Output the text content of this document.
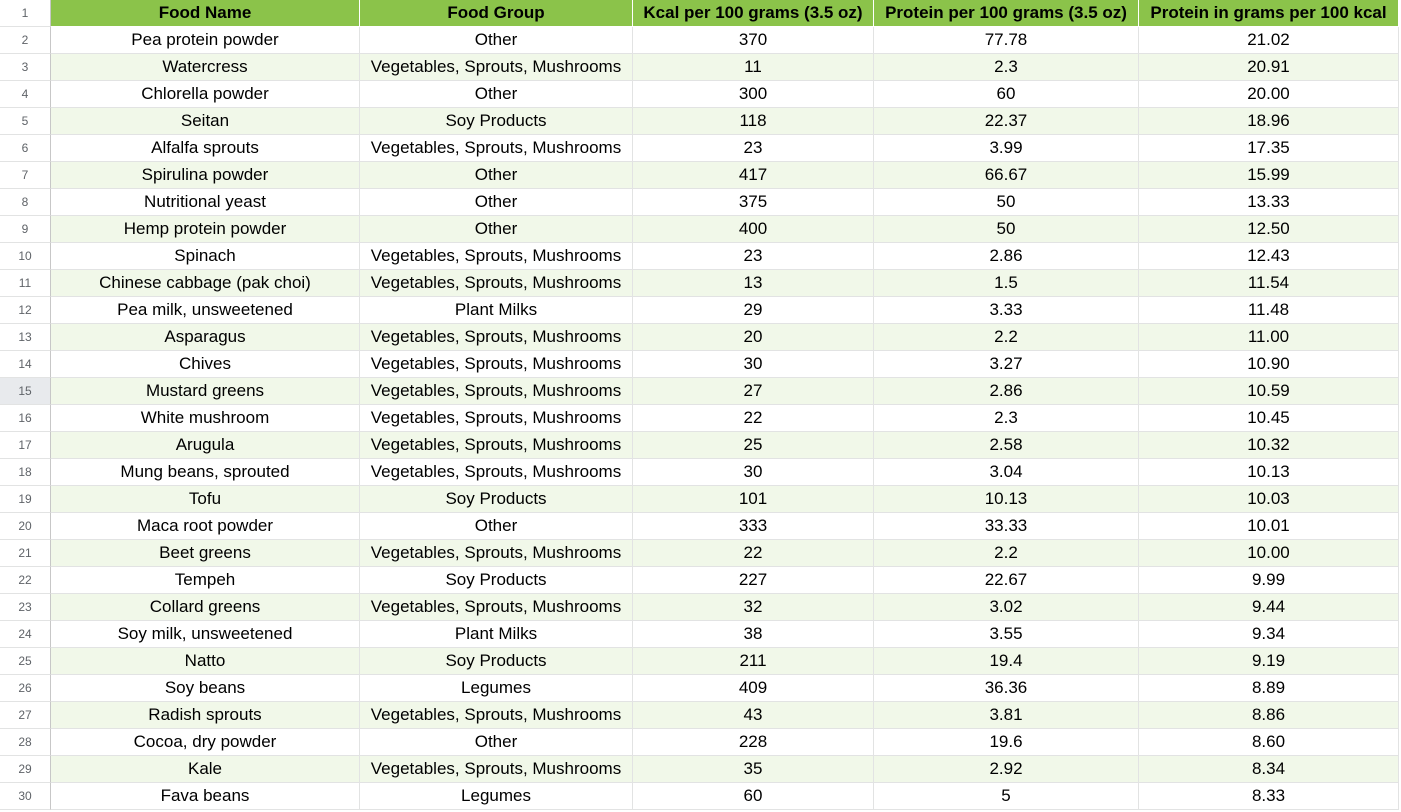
1	Food Name	Food Group	Kcal per 100 grams (3.5 oz)	Protein per 100 grams (3.5 oz)	Protein in grams per 100 kcal
2	Pea protein powder	Other	370	77.78	21.02
3	Watercress	Vegetables, Sprouts, Mushrooms	11	2.3	20.91
4	Chlorella powder	Other	300	60	20.00
5	Seitan	Soy Products	118	22.37	18.96
6	Alfalfa sprouts	Vegetables, Sprouts, Mushrooms	23	3.99	17.35
7	Spirulina powder	Other	417	66.67	15.99
8	Nutritional yeast	Other	375	50	13.33
9	Hemp protein powder	Other	400	50	12.50
10	Spinach	Vegetables, Sprouts, Mushrooms	23	2.86	12.43
11	Chinese cabbage (pak choi)	Vegetables, Sprouts, Mushrooms	13	1.5	11.54
12	Pea milk, unsweetened	Plant Milks	29	3.33	11.48
13	Asparagus	Vegetables, Sprouts, Mushrooms	20	2.2	11.00
14	Chives	Vegetables, Sprouts, Mushrooms	30	3.27	10.90
15	Mustard greens	Vegetables, Sprouts, Mushrooms	27	2.86	10.59
16	White mushroom	Vegetables, Sprouts, Mushrooms	22	2.3	10.45
17	Arugula	Vegetables, Sprouts, Mushrooms	25	2.58	10.32
18	Mung beans, sprouted	Vegetables, Sprouts, Mushrooms	30	3.04	10.13
19	Tofu	Soy Products	101	10.13	10.03
20	Maca root powder	Other	333	33.33	10.01
21	Beet greens	Vegetables, Sprouts, Mushrooms	22	2.2	10.00
22	Tempeh	Soy Products	227	22.67	9.99
23	Collard greens	Vegetables, Sprouts, Mushrooms	32	3.02	9.44
24	Soy milk, unsweetened	Plant Milks	38	3.55	9.34
25	Natto	Soy Products	211	19.4	9.19
26	Soy beans	Legumes	409	36.36	8.89
27	Radish sprouts	Vegetables, Sprouts, Mushrooms	43	3.81	8.86
28	Cocoa, dry powder	Other	228	19.6	8.60
29	Kale	Vegetables, Sprouts, Mushrooms	35	2.92	8.34
30	Fava beans	Legumes	60	5	8.33
